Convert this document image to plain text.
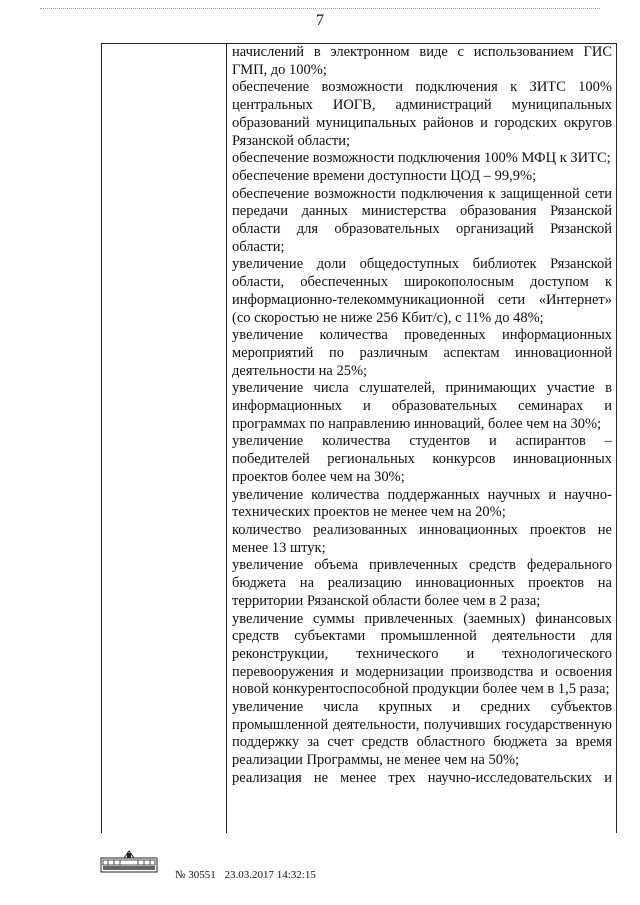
7

начислений в электронном виде с использованием ГИС ГМП, до 100%;

обеспечение возможности подключения к ЗИТС 100% центральных ИОГВ, администраций муниципальных образований муниципальных районов и городских округов Рязанской области;

обеспечение возможности подключения 100% МФЦ к ЗИТС;

обеспечение времени доступности ЦОД – 99,9%;

обеспечение возможности подключения к защищенной сети передачи данных министерства образования Рязанской области для образовательных организаций Рязанской области;

увеличение доли общедоступных библиотек Рязанской области, обеспеченных широкополосным доступом к информационно-телекоммуникационной сети «Интернет» (со скоростью не ниже 256 Кбит/с), с 11% до 48%;

увеличение количества проведенных информационных мероприятий по различным аспектам инновационной деятельности на 25%;

увеличение числа слушателей, принимающих участие в информационных и образовательных семинарах и программах по направлению инноваций, более чем на 30%;

увеличение количества студентов и аспирантов – победителей региональных конкурсов инновационных проектов более чем на 30%;

увеличение количества поддержанных научных и научно-технических проектов не менее чем на 20%;

количество реализованных инновационных проектов не менее 13 штук;

увеличение объема привлеченных средств федерального бюджета на реализацию инновационных проектов на территории Рязанской области более чем в 2 раза;

увеличение суммы привлеченных (заемных) финансовых средств субъектами промышленной деятельности для реконструкции, технического и технологического перевооружения и модернизации производства и освоения новой конкурентоспособной продукции более чем в 1,5 раза;

увеличение числа крупных и средних субъектов промышленной деятельности, получивших государственную поддержку за счет средств областного бюджета за время реализации Программы, не менее чем на 50%;

реализация не менее трех научно-исследовательских и

№ 30551 23.03.2017 14:32:15
